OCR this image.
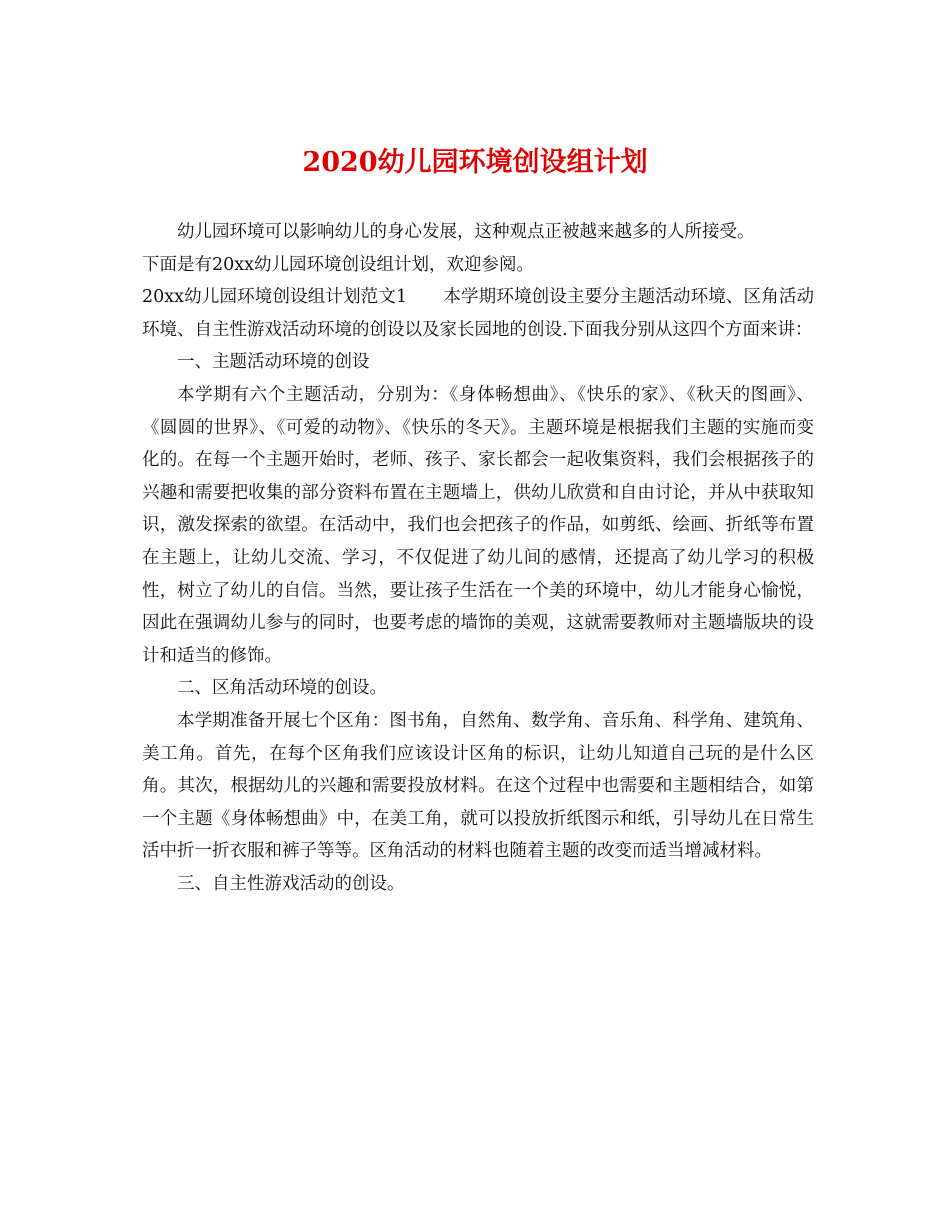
2020幼儿园环境创设组计划

幼儿园环境可以影响幼儿的身心发展，这种观点正被越来越多的人所接受。

下面是有20xx幼儿园环境创设组计划，欢迎参阅。

20xx幼儿园环境创设组计划范文1 本学期环境创设主要分主题活动环境、区角活动环境、自主性游戏活动环境的创设以及家长园地的创设.下面我分别从这四个方面来讲：

一、主题活动环境的创设

本学期有六个主题活动，分别为：《身体畅想曲》、《快乐的家》、《秋天的图画》、《圆圆的世界》、《可爱的动物》、《快乐的冬天》。主题环境是根据我们主题的实施而变化的。在每一个主题开始时，老师、孩子、家长都会一起收集资料，我们会根据孩子的兴趣和需要把收集的部分资料布置在主题墙上，供幼儿欣赏和自由讨论，并从中获取知识，激发探索的欲望。在活动中，我们也会把孩子的作品，如剪纸、绘画、折纸等布置在主题上，让幼儿交流、学习，不仅促进了幼儿间的感情，还提高了幼儿学习的积极性，树立了幼儿的自信。当然，要让孩子生活在一个美的环境中，幼儿才能身心愉悦，因此在强调幼儿参与的同时，也要考虑的墙饰的美观，这就需要教师对主题墙版块的设计和适当的修饰。

二、区角活动环境的创设。

本学期准备开展七个区角：图书角，自然角、数学角、音乐角、科学角、建筑角、美工角。首先，在每个区角我们应该设计区角的标识，让幼儿知道自己玩的是什么区角。其次，根据幼儿的兴趣和需要投放材料。在这个过程中也需要和主题相结合，如第一个主题《身体畅想曲》中，在美工角，就可以投放折纸图示和纸，引导幼儿在日常生活中折一折衣服和裤子等等。区角活动的材料也随着主题的改变而适当增减材料。

三、自主性游戏活动的创设。
